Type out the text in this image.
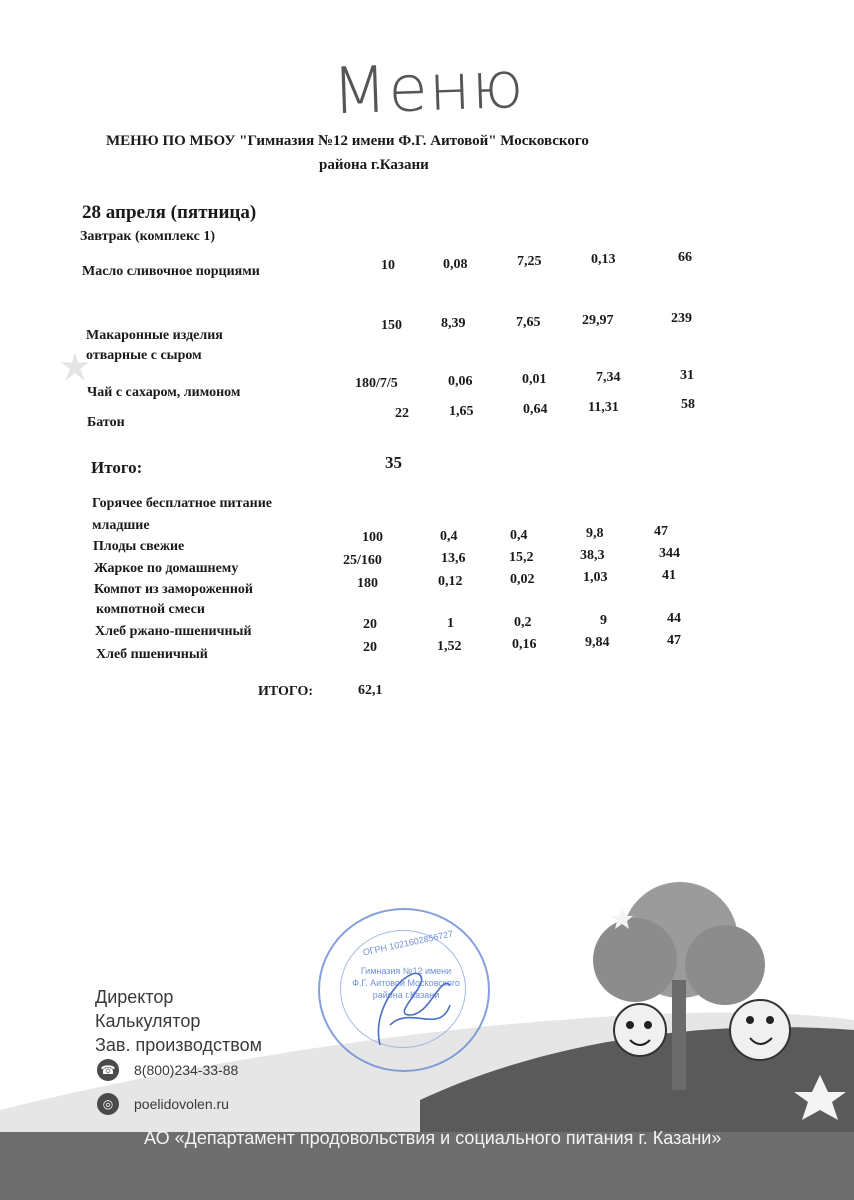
Меню
МЕНЮ ПО МБОУ "Гимназия №12 имени Ф.Г. Аитовой" Московского
района г.Казани
28 апреля (пятница)
Завтрак (комплекс 1)
Масло сливочное порциями	10	0,08	7,25	0,13	66
Макаронные изделия
отварные с сыром
150	8,39	7,65	29,97	239
Чай с сахаром, лимоном
180/7/5	0,06	0,01	7,34	31
Батон
22	1,65	0,64	11,31	58
Итого:	35
Горячее бесплатное питание
младшие
Плоды свежие
100	0,4	0,4	9,8	47
Жаркое по домашнему
25/160	13,6	15,2	38,3	344
Компот из замороженной
компотной смеси
180	0,12	0,02	1,03	41
Хлеб ржано-пшеничный	20	1	0,2	9	44
Хлеб пшеничный	20	1,52	0,16	9,84	47
ИТОГО:	62,1
ОГРН 1021602856727
Гимназия №12 имени Ф.Г. Аитовой Московского района г.Казани
Директор
Калькулятор
Зав. производством
☎ 8(800)234-33-88
◎	poelidovolen.ru
АО «Департамент продовольствия и социального питания г. Казани»
